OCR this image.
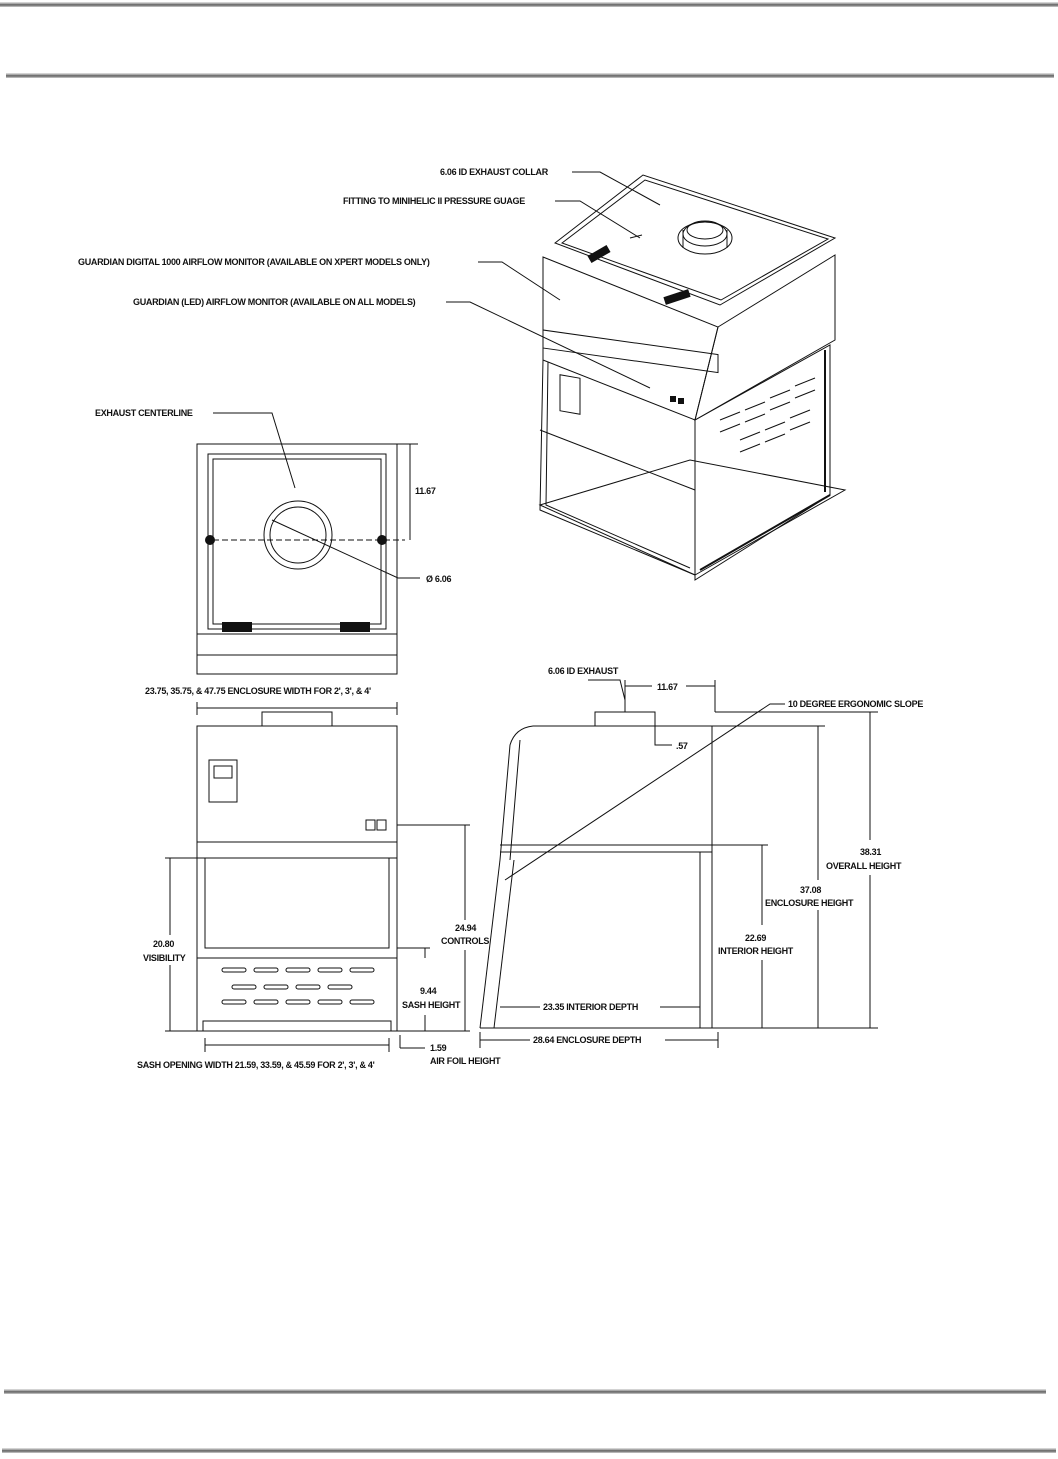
6.06 ID EXHAUST COLLAR
FITTING TO MINIHELIC II PRESSURE GUAGE
GUARDIAN DIGITAL 1000 AIRFLOW MONITOR (AVAILABLE ON XPERT MODELS ONLY)
GUARDIAN (LED) AIRFLOW MONITOR (AVAILABLE ON ALL MODELS)
EXHAUST CENTERLINE
11.67
Ø 6.06
23.75, 35.75, & 47.75 ENCLOSURE WIDTH FOR 2', 3', & 4'
20.80
VISIBILITY
9.44
SASH HEIGHT
24.94
CONTROLS
1.59
AIR FOIL HEIGHT
SASH OPENING WIDTH 21.59, 33.59, & 45.59 FOR 2', 3', & 4'
6.06 ID EXHAUST
11.67
.57
10 DEGREE ERGONOMIC SLOPE
38.31
OVERALL HEIGHT
37.08
ENCLOSURE HEIGHT
22.69
INTERIOR HEIGHT
23.35 INTERIOR DEPTH
28.64 ENCLOSURE DEPTH
